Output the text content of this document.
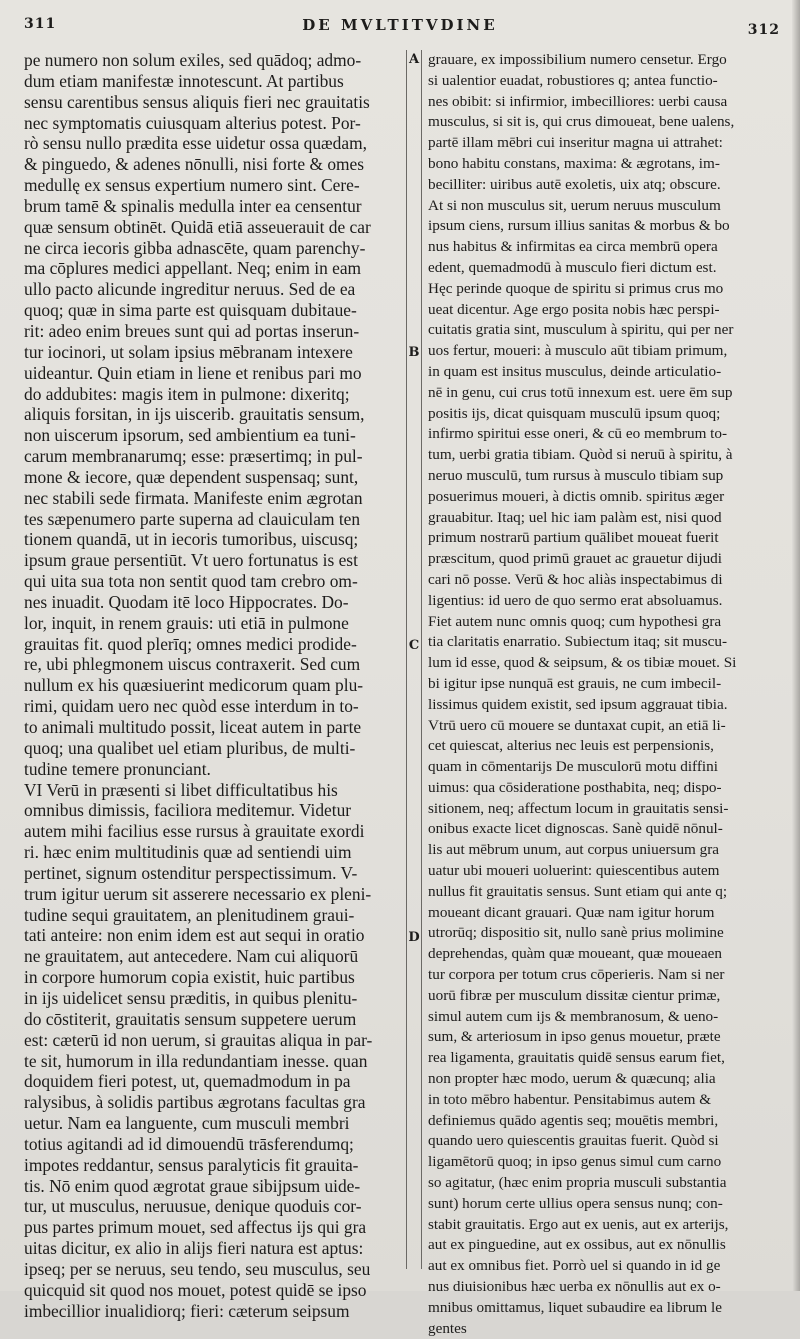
311	DE MVLTITVDINE	312
pe numero non solum exiles, sed quādoq; admo-
dum etiam manifestæ innotescunt. At partibus
sensu carentibus sensus aliquis fieri nec grauitatis
nec symptomatis cuiusquam alterius potest. Por-
rò sensu nullo prædita esse uidetur ossa quædam,
& pinguedo, & adenes nōnulli, nisi forte & omes
medullę ex sensus expertium numero sint. Cere-
brum tamē & spinalis medulla inter ea censentur
quæ sensum obtinēt. Quidā etiā asseuerauit de car
ne circa iecoris gibba adnascēte, quam parenchy-
ma cōplures medici appellant. Neq; enim in eam
ullo pacto alicunde ingreditur neruus. Sed de ea
quoq; quæ in sima parte est quisquam dubitaue-
rit: adeo enim breues sunt qui ad portas inserun-
tur iocinori, ut solam ipsius mēbranam intexere
uideantur. Quin etiam in liene et renibus pari mo
do addubites: magis item in pulmone: dixeritq;
aliquis forsitan, in ijs uiscerib. grauitatis sensum,
non uiscerum ipsorum, sed ambientium ea tuni-
carum membranarumq; esse: præsertimq; in pul-
mone & iecore, quæ dependent suspensaq; sunt,
nec stabili sede firmata. Manifeste enim ægrotan
tes sæpenumero parte superna ad clauiculam ten
tionem quandā, ut in iecoris tumoribus, uiscusq;
ipsum graue persentiūt. Vt uero fortunatus is est
qui uita sua tota non sentit quod tam crebro om-
nes inuadit. Quodam itē loco Hippocrates. Do-
lor, inquit, in renem grauis: uti etiā in pulmone
grauitas fit. quod plerīq; omnes medici prodide-
re, ubi phlegmonem uiscus contraxerit. Sed cum
nullum ex his quæsiuerint medicorum quam plu-
rimi, quidam uero nec quòd esse interdum in to-
to animali multitudo possit, liceat autem in parte
quoq; una qualibet uel etiam pluribus, de multi-
tudine temere pronunciant.
VI Verū in præsenti si libet difficultatibus his
omnibus dimissis, faciliora meditemur. Videtur
autem mihi facilius esse rursus à grauitate exordi
ri. hæc enim multitudinis quæ ad sentiendi uim
pertinet, signum ostenditur perspectissimum. V-
trum igitur uerum sit asserere necessario ex pleni-
tudine sequi grauitatem, an plenitudinem graui-
tati anteire: non enim idem est aut sequi in oratio
ne grauitatem, aut antecedere. Nam cui aliquorū
in corpore humorum copia existit, huic partibus
in ijs uidelicet sensu præditis, in quibus plenitu-
do cōstiterit, grauitatis sensum suppetere uerum
est: cæterū id non uerum, si grauitas aliqua in par-
te sit, humorum in illa redundantiam inesse. quan
doquidem fieri potest, ut, quemadmodum in pa
ralysibus, à solidis partibus ægrotans facultas gra
uetur. Nam ea languente, cum musculi membri
totius agitandi ad id dimouendū trāsferendumq;
impotes reddantur, sensus paralyticis fit grauita-
tis. Nō enim quod ægrotat graue sibijpsum uide-
tur, ut musculus, neruusue, denique quoduis cor-
pus partes primum mouet, sed affectus ijs qui gra
uitas dicitur, ex alio in alijs fieri natura est aptus:
ipseq; per se neruus, seu tendo, seu musculus, seu
quicquid sit quod nos mouet, potest quidē se ipso
imbecillior inualidiorq; fieri: cæterum seipsum
A
B
C
D
grauare, ex impossibilium numero censetur. Ergo
si ualentior euadat, robustiores q; antea functio-
nes obibit: si infirmior, imbecilliores: uerbi causa
musculus, si sit is, qui crus dimoueat, bene ualens,
partē illam mēbri cui inseritur magna ui attrahet:
bono habitu constans, maxima: & ægrotans, im-
becilliter: uiribus autē exoletis, uix atq; obscure.
At si non musculus sit, uerum neruus musculum
ipsum ciens, rursum illius sanitas & morbus & bo
nus habitus & infirmitas ea circa membrū opera
edent, quemadmodū à musculo fieri dictum est.
Hęc perinde quoque de spiritu si primus crus mo
ueat dicentur. Age ergo posita nobis hæc perspi-
cuitatis gratia sint, musculum à spiritu, qui per ner
uos fertur, moueri: à musculo aūt tibiam primum,
in quam est insitus musculus, deinde articulatio-
nē in genu, cui crus totū innexum est. uere ēm sup
positis ijs, dicat quisquam musculū ipsum quoq;
infirmo spiritui esse oneri, & cū eo membrum to-
tum, uerbi gratia tibiam. Quòd si neruū à spiritu, à
neruo musculū, tum rursus à musculo tibiam sup
posuerimus moueri, à dictis omnib. spiritus æger
grauabitur. Itaq; uel hic iam palàm est, nisi quod
primum nostrarū partium quālibet moueat fuerit
præscitum, quod primū grauet ac grauetur dijudi
cari nō posse. Verū & hoc aliàs inspectabimus di
ligentius: id uero de quo sermo erat absoluamus.
Fiet autem nunc omnis quoq; cum hypothesi gra
tia claritatis enarratio. Subiectum itaq; sit muscu-
lum id esse, quod & seipsum, & os tibiæ mouet. Si
bi igitur ipse nunquā est grauis, ne cum imbecil-
lissimus quidem existit, sed ipsum aggrauat tibia.
Vtrū uero cū mouere se duntaxat cupit, an etiā li-
cet quiescat, alterius nec leuis est perpensionis,
quam in cōmentarijs De musculorū motu diffini
uimus: qua cōsideratione posthabita, neq; dispo-
sitionem, neq; affectum locum in grauitatis sensi-
onibus exacte licet dignoscas. Sanè quidē nōnul-
lis aut mēbrum unum, aut corpus uniuersum gra
uatur ubi moueri uoluerint: quiescentibus autem
nullus fit grauitatis sensus. Sunt etiam qui ante q;
moueant dicant grauari. Quæ nam igitur horum
utrorūq; dispositio sit, nullo sanè prius molimine
deprehendas, quàm quæ moueant, quæ moueaen
tur corpora per totum crus cōperieris. Nam si ner
uorū fibræ per musculum dissitæ cientur primæ,
simul autem cum ijs & membranosum, & ueno-
sum, & arteriosum in ipso genus mouetur, præte
rea ligamenta, grauitatis quidē sensus earum fiet,
non propter hæc modo, uerum & quæcunq; alia
in toto mēbro habentur. Pensitabimus autem &
definiemus quādo agentis seq; mouētis membri,
quando uero quiescentis grauitas fuerit. Quòd si
ligamētorū quoq; in ipso genus simul cum carno
so agitatur, (hæc enim propria musculi substantia
sunt) horum certe ullius opera sensus nunq; con-
stabit grauitatis. Ergo aut ex uenis, aut ex arterijs,
aut ex pinguedine, aut ex ossibus, aut ex nōnullis
aut ex omnibus fiet. Porrò uel si quando in id ge
nus diuisionibus hæc uerba ex nōnullis aut ex o-
mnibus omittamus, liquet subaudire ea librum le
gentes
